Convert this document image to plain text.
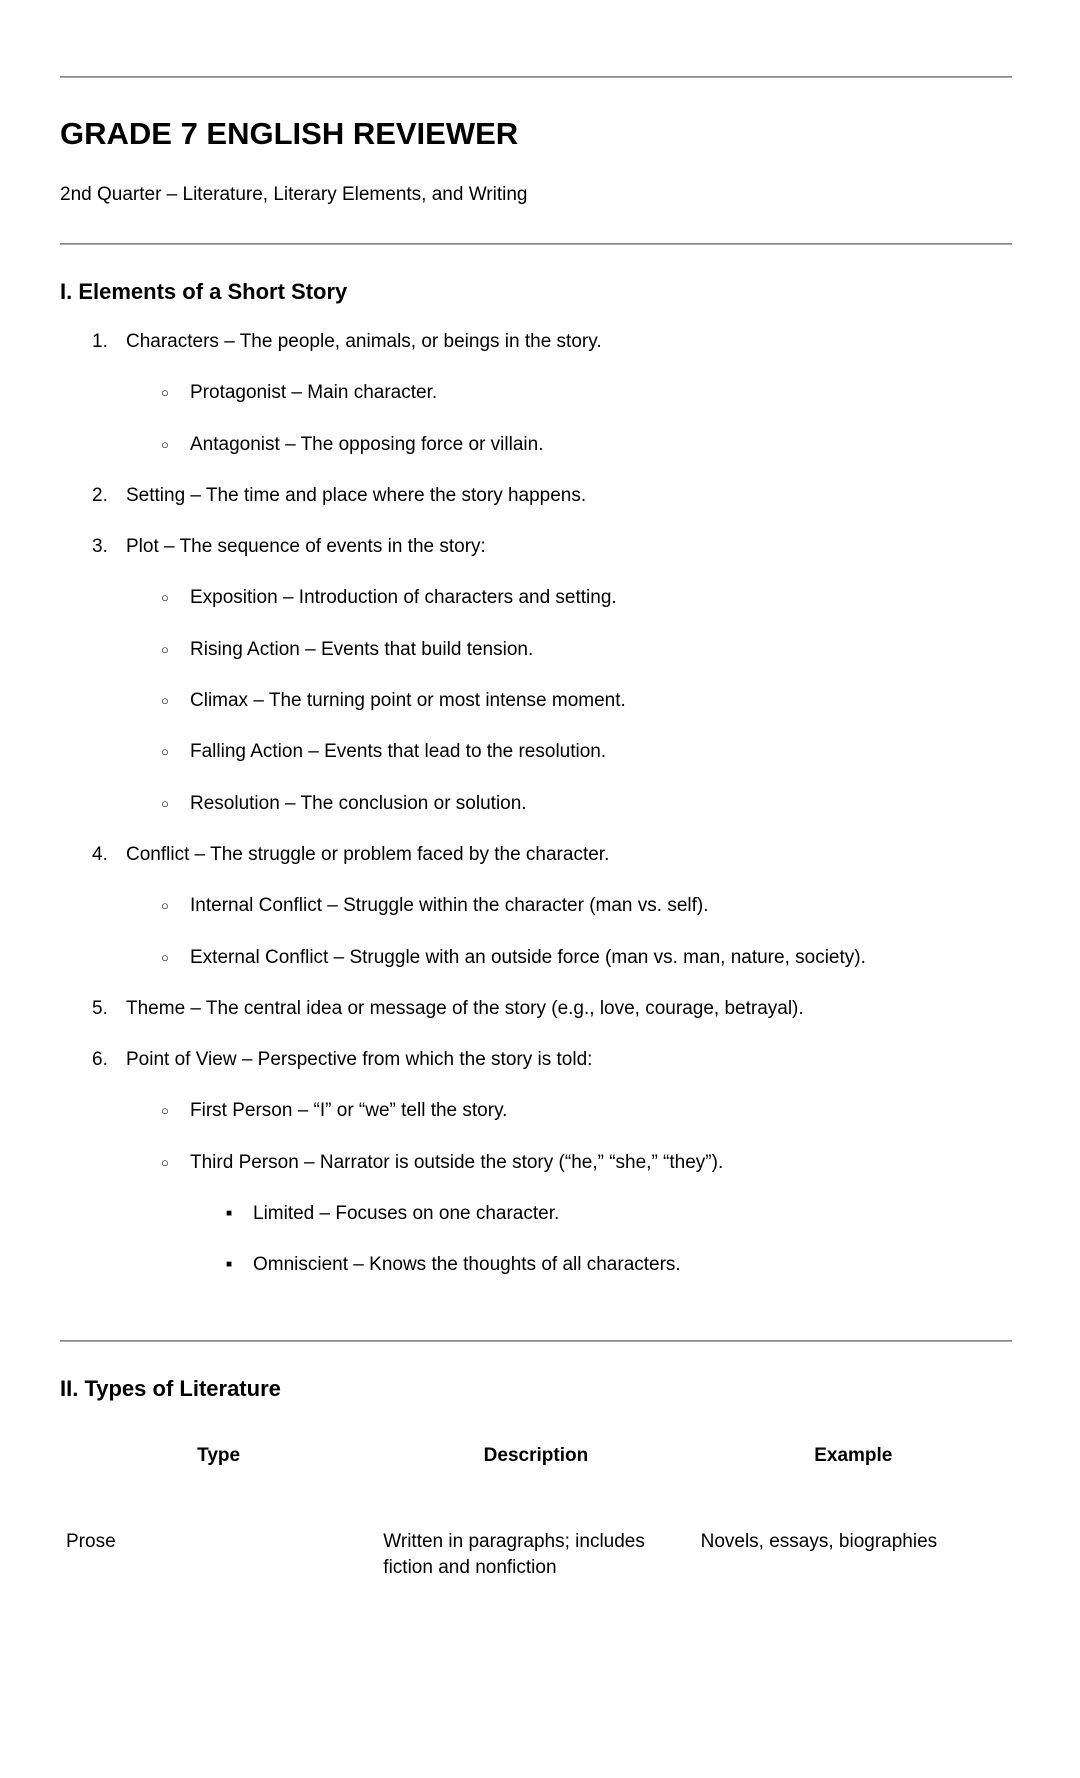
GRADE 7 ENGLISH REVIEWER

2nd Quarter – Literature, Literary Elements, and Writing

I. Elements of a Short Story
1. Characters – The people, animals, or beings in the story.
○ Protagonist – Main character.
○ Antagonist – The opposing force or villain.
2. Setting – The time and place where the story happens.
3. Plot – The sequence of events in the story:
○ Exposition – Introduction of characters and setting.
○ Rising Action – Events that build tension.
○ Climax – The turning point or most intense moment.
○ Falling Action – Events that lead to the resolution.
○ Resolution – The conclusion or solution.
4. Conflict – The struggle or problem faced by the character.
○ Internal Conflict – Struggle within the character (man vs. self).
○ External Conflict – Struggle with an outside force (man vs. man, nature, society).
5. Theme – The central idea or message of the story (e.g., love, courage, betrayal).
6. Point of View – Perspective from which the story is told:
○ First Person – “I” or “we” tell the story.
○ Third Person – Narrator is outside the story (“he,” “she,” “they”).
■ Limited – Focuses on one character.
■ Omniscient – Knows the thoughts of all characters.
II. Types of Literature
Type	Description	Example
Prose	Written in paragraphs; includes fiction and nonfiction	Novels, essays, biographies
